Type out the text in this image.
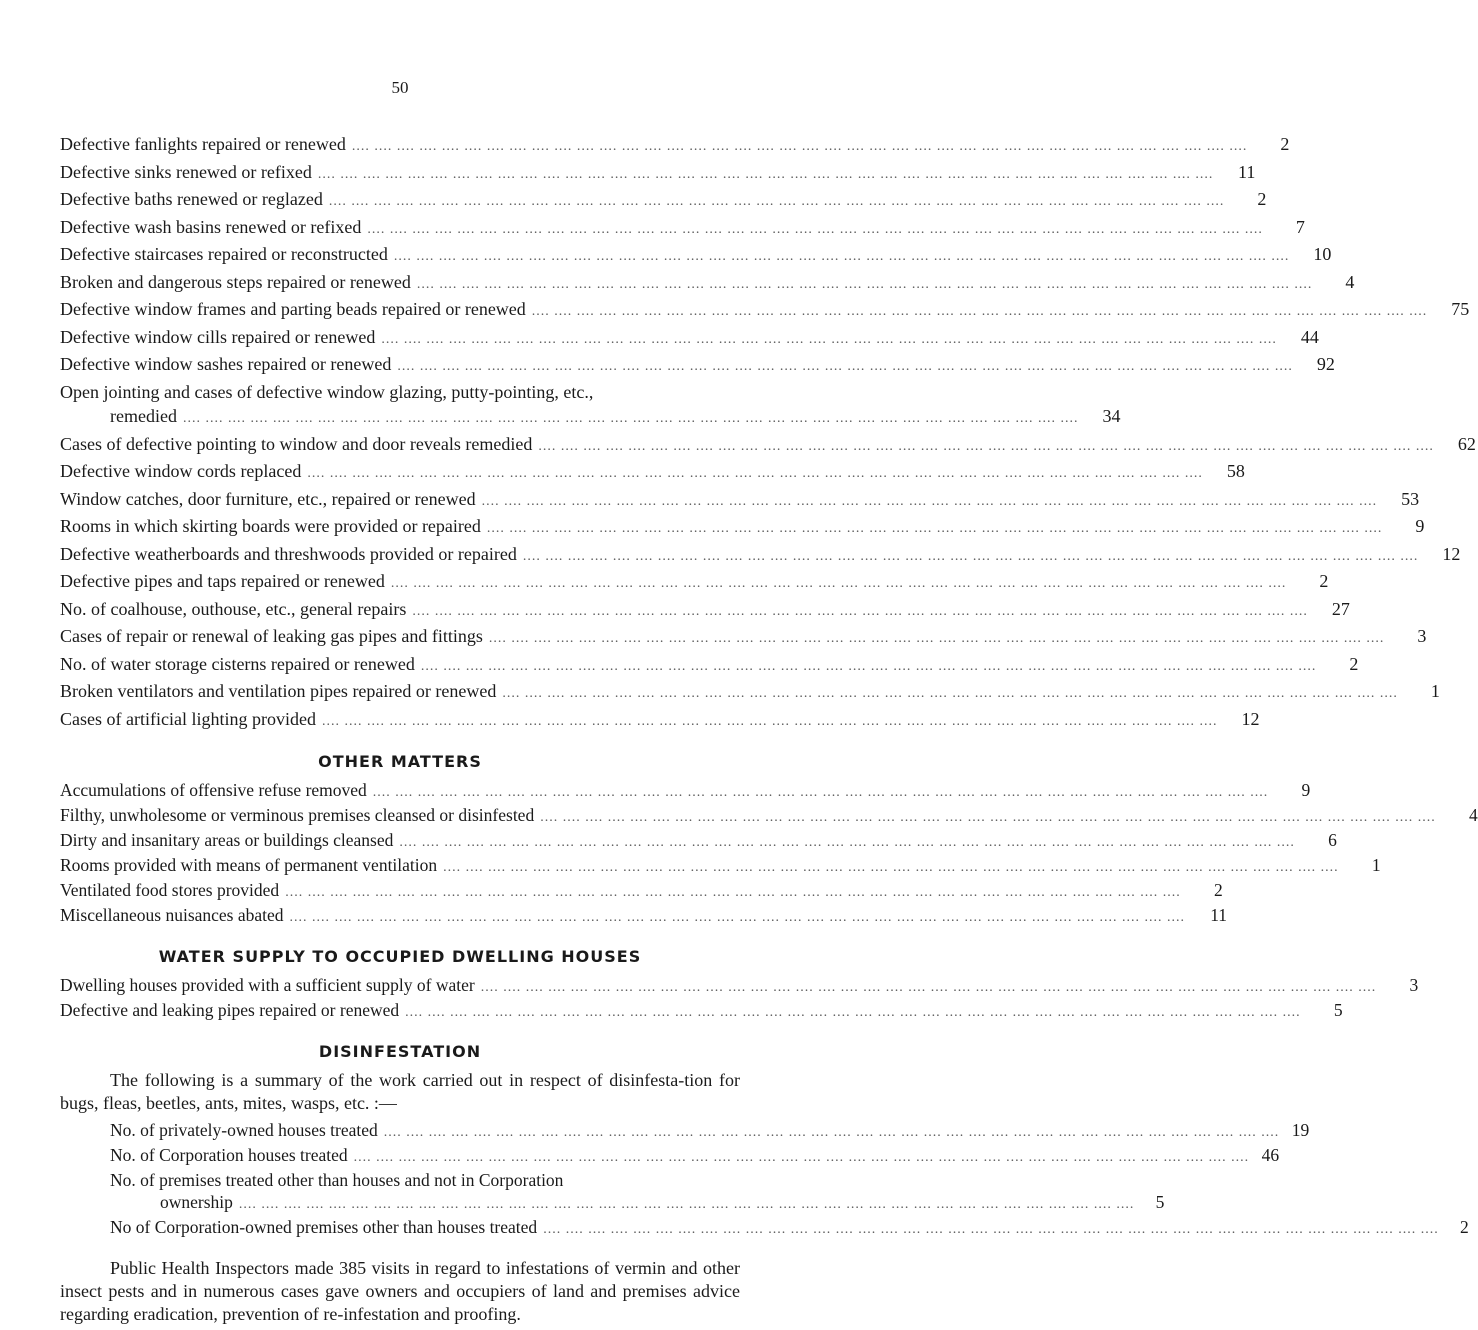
50
Defective fanlights repaired or renewed .... .... .... .... .... .... .... .... .... .... .... .... .... .... .... .... .... .... .... .... .... .... .... .... .... .... .... .... .... .... .... .... .... .... .... .... .... .... .... ....	2
Defective sinks renewed or refixed .... .... .... .... .... .... .... .... .... .... .... .... .... .... .... .... .... .... .... .... .... .... .... .... .... .... .... .... .... .... .... .... .... .... .... .... .... .... .... ....	11
Defective baths renewed or reglazed .... .... .... .... .... .... .... .... .... .... .... .... .... .... .... .... .... .... .... .... .... .... .... .... .... .... .... .... .... .... .... .... .... .... .... .... .... .... .... ....	2
Defective wash basins renewed or refixed .... .... .... .... .... .... .... .... .... .... .... .... .... .... .... .... .... .... .... .... .... .... .... .... .... .... .... .... .... .... .... .... .... .... .... .... .... .... .... ....	7
Defective staircases repaired or reconstructed .... .... .... .... .... .... .... .... .... .... .... .... .... .... .... .... .... .... .... .... .... .... .... .... .... .... .... .... .... .... .... .... .... .... .... .... .... .... .... ....	10
Broken and dangerous steps repaired or renewed .... .... .... .... .... .... .... .... .... .... .... .... .... .... .... .... .... .... .... .... .... .... .... .... .... .... .... .... .... .... .... .... .... .... .... .... .... .... .... ....	4
Defective window frames and parting beads repaired or renewed .... .... .... .... .... .... .... .... .... .... .... .... .... .... .... .... .... .... .... .... .... .... .... .... .... .... .... .... .... .... .... .... .... .... .... .... .... .... .... ....	75
Defective window cills repaired or renewed .... .... .... .... .... .... .... .... .... .... .... .... .... .... .... .... .... .... .... .... .... .... .... .... .... .... .... .... .... .... .... .... .... .... .... .... .... .... .... ....	44
Defective window sashes repaired or renewed .... .... .... .... .... .... .... .... .... .... .... .... .... .... .... .... .... .... .... .... .... .... .... .... .... .... .... .... .... .... .... .... .... .... .... .... .... .... .... ....	92
Open jointing and cases of defective window glazing, putty-pointing, etc.,
remedied .... .... .... .... .... .... .... .... .... .... .... .... .... .... .... .... .... .... .... .... .... .... .... .... .... .... .... .... .... .... .... .... .... .... .... .... .... .... .... ....	34
Cases of defective pointing to window and door reveals remedied .... .... .... .... .... .... .... .... .... .... .... .... .... .... .... .... .... .... .... .... .... .... .... .... .... .... .... .... .... .... .... .... .... .... .... .... .... .... .... ....	62
Defective window cords replaced .... .... .... .... .... .... .... .... .... .... .... .... .... .... .... .... .... .... .... .... .... .... .... .... .... .... .... .... .... .... .... .... .... .... .... .... .... .... .... ....	58
Window catches, door furniture, etc., repaired or renewed .... .... .... .... .... .... .... .... .... .... .... .... .... .... .... .... .... .... .... .... .... .... .... .... .... .... .... .... .... .... .... .... .... .... .... .... .... .... .... ....	53
Rooms in which skirting boards were provided or repaired .... .... .... .... .... .... .... .... .... .... .... .... .... .... .... .... .... .... .... .... .... .... .... .... .... .... .... .... .... .... .... .... .... .... .... .... .... .... .... ....	9
Defective weatherboards and threshwoods provided or repaired .... .... .... .... .... .... .... .... .... .... .... .... .... .... .... .... .... .... .... .... .... .... .... .... .... .... .... .... .... .... .... .... .... .... .... .... .... .... .... ....	12
Defective pipes and taps repaired or renewed .... .... .... .... .... .... .... .... .... .... .... .... .... .... .... .... .... .... .... .... .... .... .... .... .... .... .... .... .... .... .... .... .... .... .... .... .... .... .... ....	2
No. of coalhouse, outhouse, etc., general repairs .... .... .... .... .... .... .... .... .... .... .... .... .... .... .... .... .... .... .... .... .... .... .... .... .... .... .... .... .... .... .... .... .... .... .... .... .... .... .... ....	27
Cases of repair or renewal of leaking gas pipes and fittings .... .... .... .... .... .... .... .... .... .... .... .... .... .... .... .... .... .... .... .... .... .... .... .... .... .... .... .... .... .... .... .... .... .... .... .... .... .... .... ....	3
No. of water storage cisterns repaired or renewed .... .... .... .... .... .... .... .... .... .... .... .... .... .... .... .... .... .... .... .... .... .... .... .... .... .... .... .... .... .... .... .... .... .... .... .... .... .... .... ....	2
Broken ventilators and ventilation pipes repaired or renewed .... .... .... .... .... .... .... .... .... .... .... .... .... .... .... .... .... .... .... .... .... .... .... .... .... .... .... .... .... .... .... .... .... .... .... .... .... .... .... ....	1
Cases of artificial lighting provided .... .... .... .... .... .... .... .... .... .... .... .... .... .... .... .... .... .... .... .... .... .... .... .... .... .... .... .... .... .... .... .... .... .... .... .... .... .... .... ....	12
OTHER MATTERS
Accumulations of offensive refuse removed .... .... .... .... .... .... .... .... .... .... .... .... .... .... .... .... .... .... .... .... .... .... .... .... .... .... .... .... .... .... .... .... .... .... .... .... .... .... .... ....	9
Filthy, unwholesome or verminous premises cleansed or disinfested .... .... .... .... .... .... .... .... .... .... .... .... .... .... .... .... .... .... .... .... .... .... .... .... .... .... .... .... .... .... .... .... .... .... .... .... .... .... .... ....	4
Dirty and insanitary areas or buildings cleansed .... .... .... .... .... .... .... .... .... .... .... .... .... .... .... .... .... .... .... .... .... .... .... .... .... .... .... .... .... .... .... .... .... .... .... .... .... .... .... ....	6
Rooms provided with means of permanent ventilation .... .... .... .... .... .... .... .... .... .... .... .... .... .... .... .... .... .... .... .... .... .... .... .... .... .... .... .... .... .... .... .... .... .... .... .... .... .... .... ....	1
Ventilated food stores provided .... .... .... .... .... .... .... .... .... .... .... .... .... .... .... .... .... .... .... .... .... .... .... .... .... .... .... .... .... .... .... .... .... .... .... .... .... .... .... ....	2
Miscellaneous nuisances abated .... .... .... .... .... .... .... .... .... .... .... .... .... .... .... .... .... .... .... .... .... .... .... .... .... .... .... .... .... .... .... .... .... .... .... .... .... .... .... ....	11
WATER SUPPLY TO OCCUPIED DWELLING HOUSES
Dwelling houses provided with a sufficient supply of water .... .... .... .... .... .... .... .... .... .... .... .... .... .... .... .... .... .... .... .... .... .... .... .... .... .... .... .... .... .... .... .... .... .... .... .... .... .... .... ....	3
Defective and leaking pipes repaired or renewed .... .... .... .... .... .... .... .... .... .... .... .... .... .... .... .... .... .... .... .... .... .... .... .... .... .... .... .... .... .... .... .... .... .... .... .... .... .... .... ....	5
DISINFESTATION

The following is a summary of the work carried out in respect of disinfesta-tion for bugs, fleas, beetles, ants, mites, wasps, etc. :—

No. of privately-owned houses treated .... .... .... .... .... .... .... .... .... .... .... .... .... .... .... .... .... .... .... .... .... .... .... .... .... .... .... .... .... .... .... .... .... .... .... .... .... .... .... .... 19
No. of Corporation houses treated .... .... .... .... .... .... .... .... .... .... .... .... .... .... .... .... .... .... .... .... .... .... .... .... .... .... .... .... .... .... .... .... .... .... .... .... .... .... .... .... 46
No. of premises treated other than houses and not in Corporation
ownership .... .... .... .... .... .... .... .... .... .... .... .... .... .... .... .... .... .... .... .... .... .... .... .... .... .... .... .... .... .... .... .... .... .... .... .... .... .... .... ....	5
No of Corporation-owned premises other than houses treated .... .... .... .... .... .... .... .... .... .... .... .... .... .... .... .... .... .... .... .... .... .... .... .... .... .... .... .... .... .... .... .... .... .... .... .... .... .... .... ....	2

Public Health Inspectors made 385 visits in regard to infestations of vermin and other insect pests and in numerous cases gave owners and occupiers of land and premises advice regarding eradication, prevention of re-infestation and proofing.
